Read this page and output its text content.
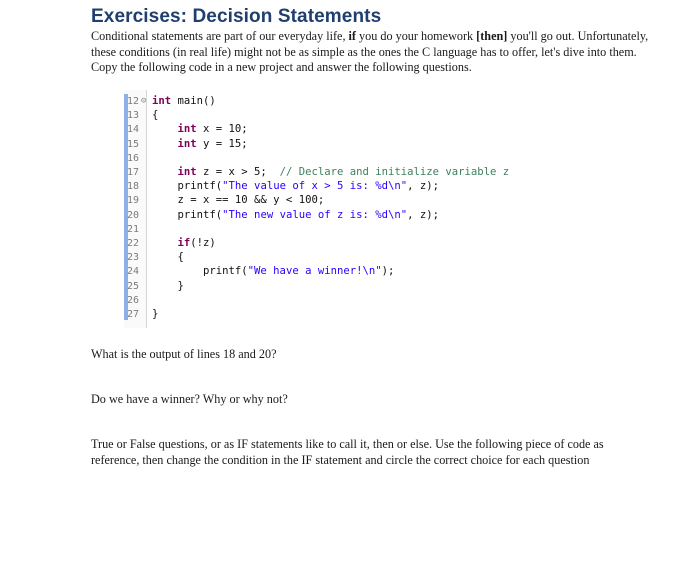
Exercises: Decision Statements
Conditional statements are part of our everyday life, if you do your homework [then] you'll go out. Unfortunately, these conditions (in real life) might not be as simple as the ones the C language has to offer, let's dive into them. Copy the following code in a new project and answer the following questions.
12 ⊝ int main()
13	{
14	int x = 10;
15	int y = 15;
16
17	int z = x > 5;  // Declare and initialize variable z
18	printf("The value of x > 5 is: %d\n", z);
19	z = x == 10 && y < 100;
20	printf("The new value of z is: %d\n", z);
21
22	if(!z)
23	{
24	printf("We have a winner!\n");
25	}
26
27	}
What is the output of lines 18 and 20?
Do we have a winner? Why or why not?
True or False questions, or as IF statements like to call it, then or else. Use the following piece of code as reference, then change the condition in the IF statement and circle the correct choice for each question
